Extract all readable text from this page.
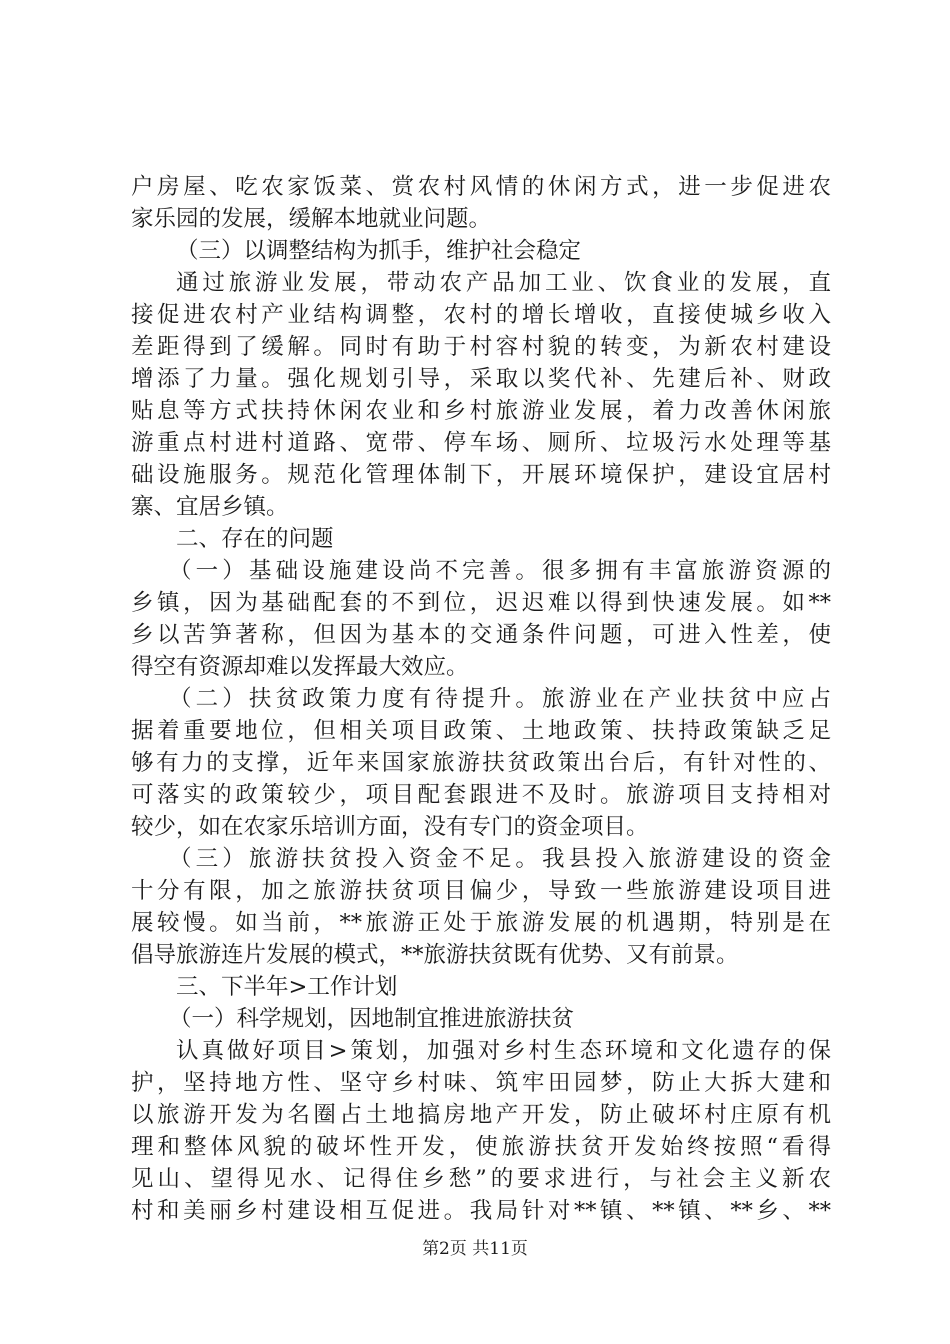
户房屋、吃农家饭菜、赏农村风情的休闲方式，进一步促进农
家乐园的发展，缓解本地就业问题。
（三）以调整结构为抓手，维护社会稳定
通过旅游业发展，带动农产品加工业、饮食业的发展，直
接促进农村产业结构调整，农村的增长增收，直接使城乡收入
差距得到了缓解。同时有助于村容村貌的转变，为新农村建设
增添了力量。强化规划引导，采取以奖代补、先建后补、财政
贴息等方式扶持休闲农业和乡村旅游业发展，着力改善休闲旅
游重点村进村道路、宽带、停车场、厕所、垃圾污水处理等基
础设施服务。规范化管理体制下，开展环境保护，建设宜居村
寨、宜居乡镇。
二、存在的问题
（一）基础设施建设尚不完善。很多拥有丰富旅游资源的
乡镇，因为基础配套的不到位，迟迟难以得到快速发展。如**
乡以苦笋著称，但因为基本的交通条件问题，可进入性差，使
得空有资源却难以发挥最大效应。
（二）扶贫政策力度有待提升。旅游业在产业扶贫中应占
据着重要地位，但相关项目政策、土地政策、扶持政策缺乏足
够有力的支撑，近年来国家旅游扶贫政策出台后，有针对性的、
可落实的政策较少，项目配套跟进不及时。旅游项目支持相对
较少，如在农家乐培训方面，没有专门的资金项目。
（三）旅游扶贫投入资金不足。我县投入旅游建设的资金
十分有限，加之旅游扶贫项目偏少，导致一些旅游建设项目进
展较慢。如当前，**旅游正处于旅游发展的机遇期，特别是在
倡导旅游连片发展的模式，**旅游扶贫既有优势、又有前景。
三、下半年>工作计划
（一）科学规划，因地制宜推进旅游扶贫
认真做好项目>策划，加强对乡村生态环境和文化遗存的保
护，坚持地方性、坚守乡村味、筑牢田园梦，防止大拆大建和
以旅游开发为名圈占土地搞房地产开发，防止破坏村庄原有机
理和整体风貌的破坏性开发，使旅游扶贫开发始终按照“看得
见山、望得见水、记得住乡愁”的要求进行，与社会主义新农
村和美丽乡村建设相互促进。我局针对**镇、**镇、**乡、**
第2页 共11页
